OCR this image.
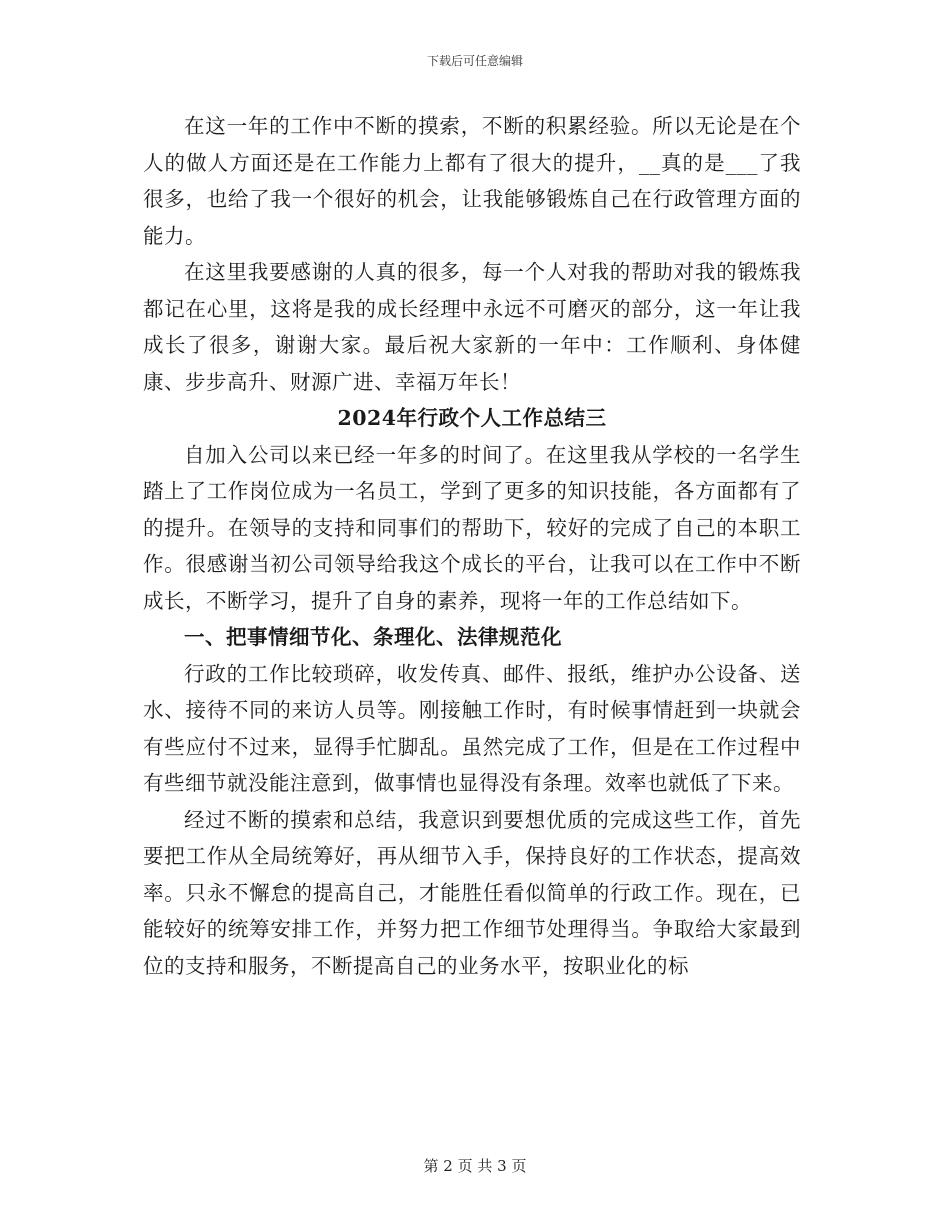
下载后可任意编辑

在这一年的工作中不断的摸索，不断的积累经验。所以无论是在个人的做人方面还是在工作能力上都有了很大的提升，__真的是___了我很多，也给了我一个很好的机会，让我能够锻炼自己在行政管理方面的能力。

在这里我要感谢的人真的很多，每一个人对我的帮助对我的锻炼我都记在心里，这将是我的成长经理中永远不可磨灭的部分，这一年让我成长了很多，谢谢大家。最后祝大家新的一年中：工作顺利、身体健康、步步高升、财源广进、幸福万年长！

2024年行政个人工作总结三

自加入公司以来已经一年多的时间了。在这里我从学校的一名学生踏上了工作岗位成为一名员工，学到了更多的知识技能，各方面都有了的提升。在领导的支持和同事们的帮助下，较好的完成了自己的本职工作。很感谢当初公司领导给我这个成长的平台，让我可以在工作中不断成长，不断学习，提升了自身的素养，现将一年的工作总结如下。

一、把事情细节化、条理化、法律规范化

行政的工作比较琐碎，收发传真、邮件、报纸，维护办公设备、送水、接待不同的来访人员等。刚接触工作时，有时候事情赶到一块就会有些应付不过来，显得手忙脚乱。虽然完成了工作，但是在工作过程中有些细节就没能注意到，做事情也显得没有条理。效率也就低了下来。

经过不断的摸索和总结，我意识到要想优质的完成这些工作，首先要把工作从全局统筹好，再从细节入手，保持良好的工作状态，提高效率。只永不懈怠的提高自己，才能胜任看似简单的行政工作。现在，已能较好的统筹安排工作，并努力把工作细节处理得当。争取给大家最到位的支持和服务，不断提高自己的业务水平，按职业化的标

第 2 页 共 3 页
